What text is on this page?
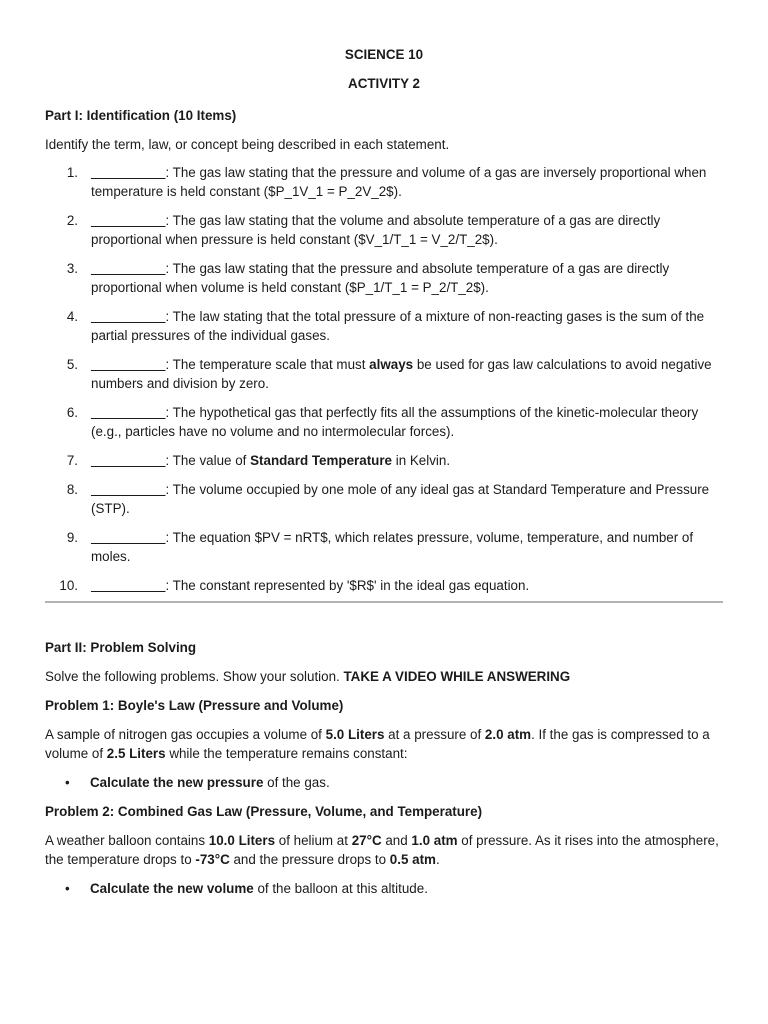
SCIENCE 10
ACTIVITY 2
Part I: Identification (10 Items)
Identify the term, law, or concept being described in each statement.
1. __________: The gas law stating that the pressure and volume of a gas are inversely proportional when temperature is held constant ($P_1V_1 = P_2V_2$).
2. __________: The gas law stating that the volume and absolute temperature of a gas are directly proportional when pressure is held constant ($V_1/T_1 = V_2/T_2$).
3. __________: The gas law stating that the pressure and absolute temperature of a gas are directly proportional when volume is held constant ($P_1/T_1 = P_2/T_2$).
4. __________: The law stating that the total pressure of a mixture of non-reacting gases is the sum of the partial pressures of the individual gases.
5. __________: The temperature scale that must always be used for gas law calculations to avoid negative numbers and division by zero.
6. __________: The hypothetical gas that perfectly fits all the assumptions of the kinetic-molecular theory (e.g., particles have no volume and no intermolecular forces).
7. __________: The value of Standard Temperature in Kelvin.
8. __________: The volume occupied by one mole of any ideal gas at Standard Temperature and Pressure (STP).
9. __________: The equation $PV = nRT$, which relates pressure, volume, temperature, and number of moles.
10. __________: The constant represented by '$R$' in the ideal gas equation.
Part II: Problem Solving
Solve the following problems. Show your solution. TAKE A VIDEO WHILE ANSWERING
Problem 1: Boyle's Law (Pressure and Volume)
A sample of nitrogen gas occupies a volume of 5.0 Liters at a pressure of 2.0 atm. If the gas is compressed to a volume of 2.5 Liters while the temperature remains constant:
• Calculate the new pressure of the gas.
Problem 2: Combined Gas Law (Pressure, Volume, and Temperature)
A weather balloon contains 10.0 Liters of helium at 27°C and 1.0 atm of pressure. As it rises into the atmosphere, the temperature drops to -73°C and the pressure drops to 0.5 atm.
• Calculate the new volume of the balloon at this altitude.
